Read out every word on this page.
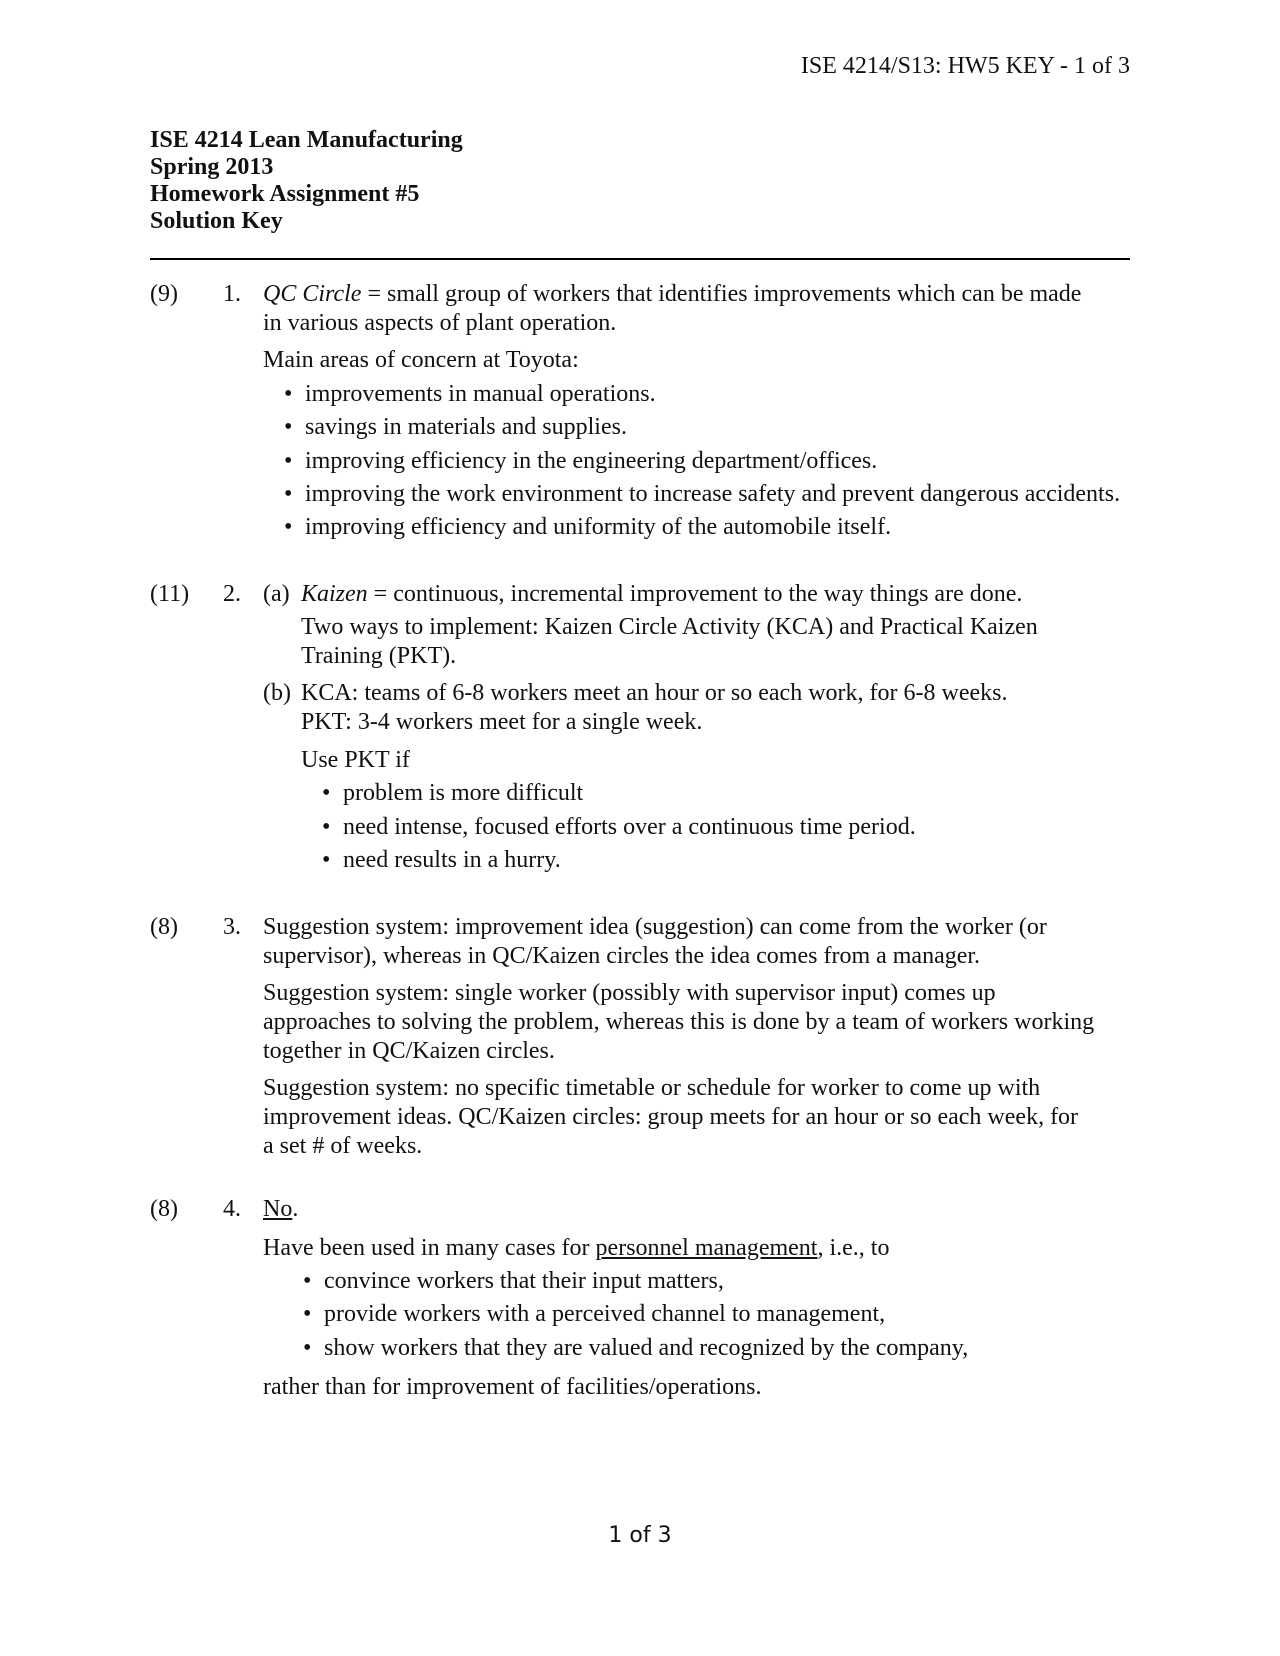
ISE 4214/S13: HW5 KEY - 1 of 3
ISE 4214 Lean Manufacturing
Spring 2013
Homework Assignment #5
Solution Key
(9) 1. QC Circle = small group of workers that identifies improvements which can be made
in various aspects of plant operation.
Main areas of concern at Toyota:
• improvements in manual operations.
• savings in materials and supplies.
• improving efficiency in the engineering department/offices.
• improving the work environment to increase safety and prevent dangerous accidents.
• improving efficiency and uniformity of the automobile itself.
(11) 2. (a) Kaizen = continuous, incremental improvement to the way things are done.
Two ways to implement: Kaizen Circle Activity (KCA) and Practical Kaizen
Training (PKT).
(b) KCA: teams of 6-8 workers meet an hour or so each work, for 6-8 weeks.
PKT: 3-4 workers meet for a single week.
Use PKT if
• problem is more difficult
• need intense, focused efforts over a continuous time period.
• need results in a hurry.
(8) 3. Suggestion system: improvement idea (suggestion) can come from the worker (or
supervisor), whereas in QC/Kaizen circles the idea comes from a manager.
Suggestion system: single worker (possibly with supervisor input) comes up
approaches to solving the problem, whereas this is done by a team of workers working
together in QC/Kaizen circles.
Suggestion system: no specific timetable or schedule for worker to come up with
improvement ideas. QC/Kaizen circles: group meets for an hour or so each week, for
a set # of weeks.
(8) 4. No.
Have been used in many cases for personnel management, i.e., to
• convince workers that their input matters,
• provide workers with a perceived channel to management,
• show workers that they are valued and recognized by the company,
rather than for improvement of facilities/operations.
1 of 3
